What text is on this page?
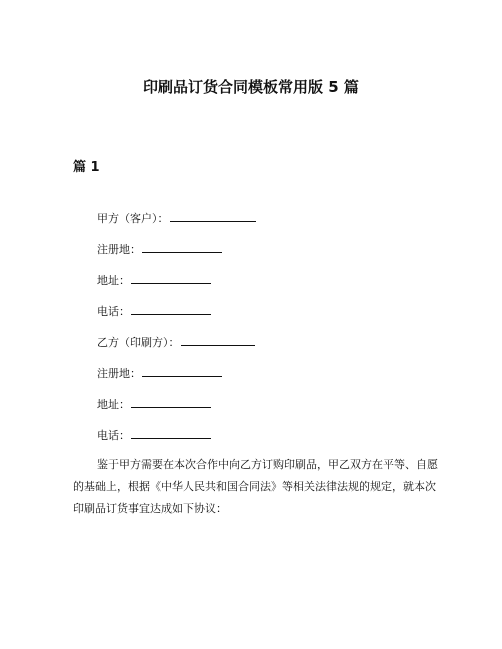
印刷品订货合同模板常用版 5 篇
篇 1
甲方（客户）：
注册地：
地址：
电话：
乙方（印刷方）：
注册地：
地址：
电话：

鉴于甲方需要在本次合作中向乙方订购印刷品，甲乙双方在平等、自愿的基础上，根据《中华人民共和国合同法》等相关法律法规的规定，就本次印刷品订货事宜达成如下协议：
